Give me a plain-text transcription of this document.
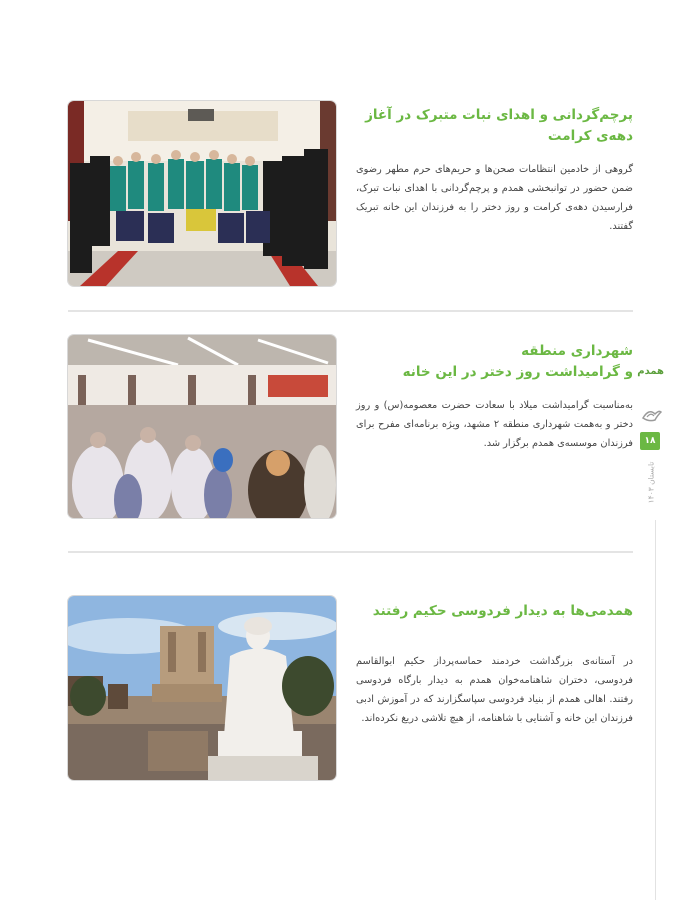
پرچم‌گردانی و اهدای نبات متبرک در آغاز دهه‌ی کرامت

گروهی از خادمین انتظامات صحن‌ها و حریم‌های حرم مطهر رضوی ضمن حضور در توانبخشی همدم و پرچم‌گردانی با اهدای نبات تبرک، فرارسیدن دهه‌ی کرامت و روز دختر را به فرزندان این خانه تبریک گفتند.

شهرداری منطقه
و گرامیداشت روز دختر در این خانه

به‌مناسبت گرامیداشت میلاد با سعادت حضرت معصومه(س) و روز دختر و به‌همت شهرداری منطقه ۲ مشهد، ویژه برنامه‌ای مفرح برای فرزندان موسسه‌ی همدم برگزار شد.

همدمی‌ها به دیدار فردوسی حکیم رفتند

در آستانه‌ی بزرگداشت خردمند حماسه‌پرداز حکیم ابوالقاسم فردوسی، دختران شاهنامه‌خوان همدم به دیدار بارگاه فردوسی رفتند. اهالی همدم از بنیاد فردوسی سپاسگزارند که در آموزش ادبی فرزندان این خانه و آشنایی با شاهنامه، از هیچ تلاشی دریغ نکرده‌اند.

همدم
۱۸
تابستان ۱۴۰۳
